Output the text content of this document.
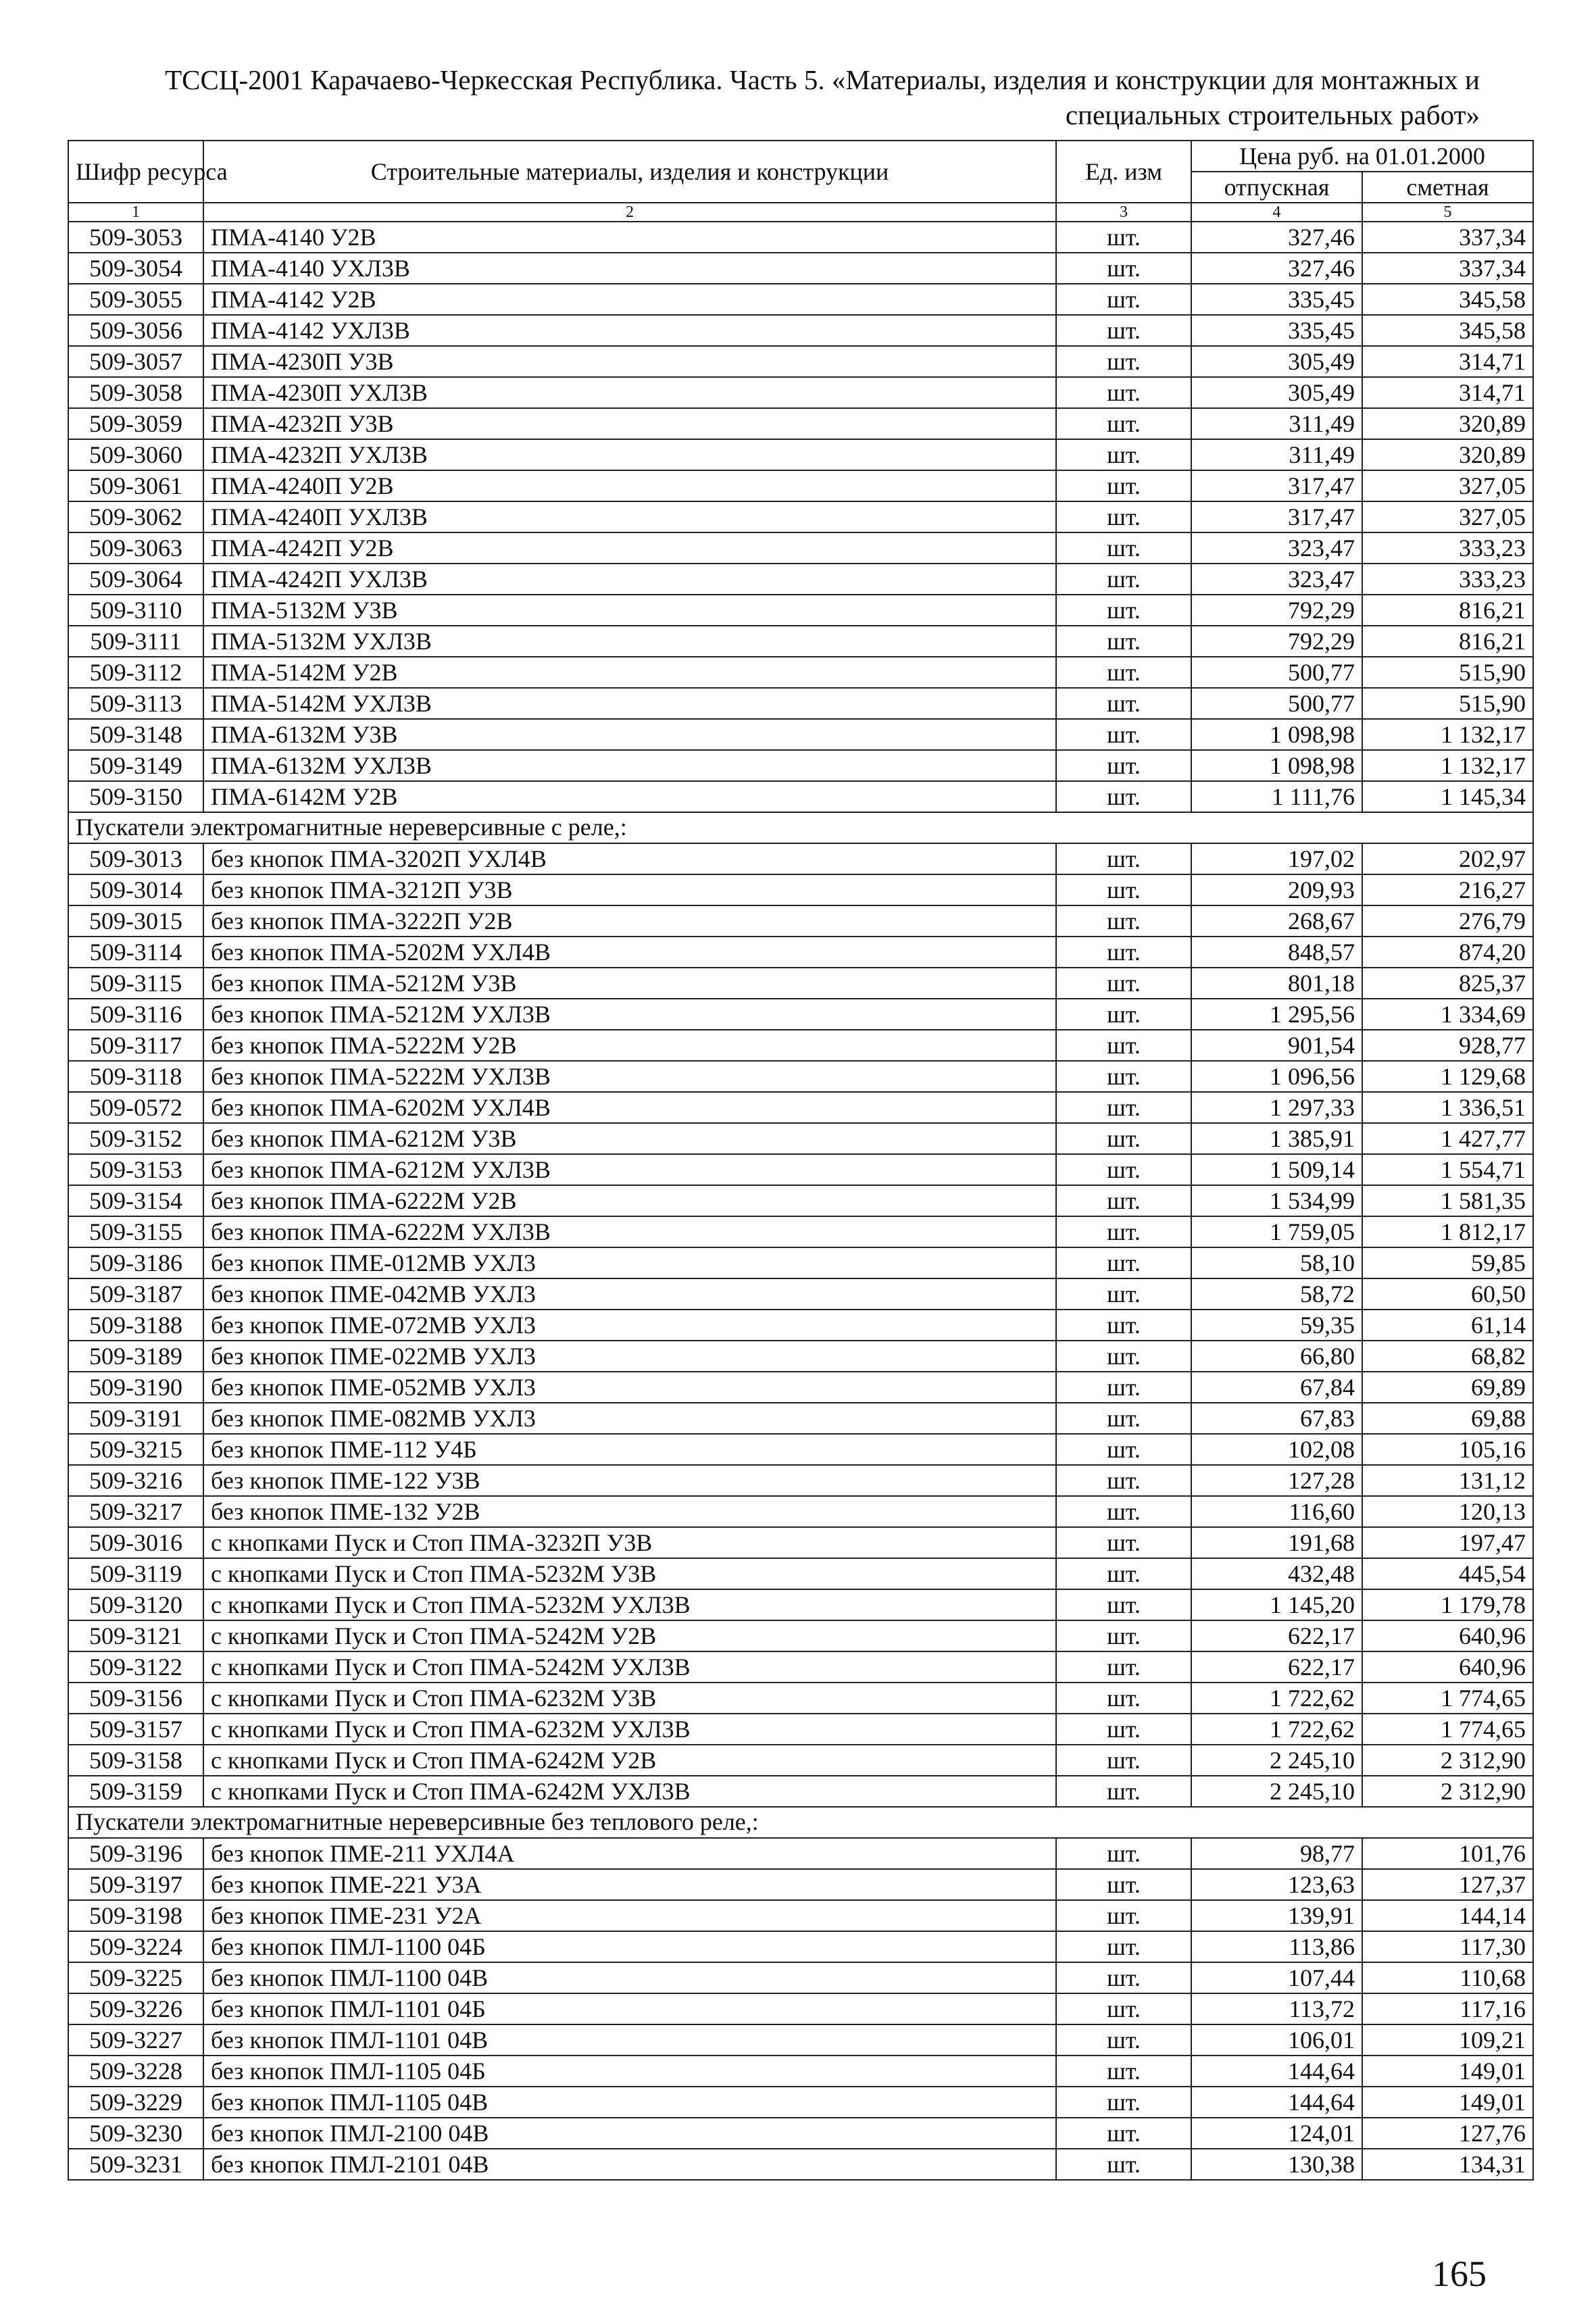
ТССЦ-2001 Карачаево-Черкесская Республика. Часть 5. «Материалы, изделия и конструкции для монтажных и
специальных строительных работ»
Шифр ресурса	Строительные материалы, изделия и конструкции	Ед. изм	Цена руб. на 01.01.2000	
			отпускная	сметная
1	2	3	4	5
509-3053	ПМА-4140 У2В	шт.	327,46	337,34
509-3054	ПМА-4140 УХЛ3В	шт.	327,46	337,34
509-3055	ПМА-4142 У2В	шт.	335,45	345,58
509-3056	ПМА-4142 УХЛ3В	шт.	335,45	345,58
509-3057	ПМА-4230П У3В	шт.	305,49	314,71
509-3058	ПМА-4230П УХЛ3В	шт.	305,49	314,71
509-3059	ПМА-4232П У3В	шт.	311,49	320,89
509-3060	ПМА-4232П УХЛ3В	шт.	311,49	320,89
509-3061	ПМА-4240П У2В	шт.	317,47	327,05
509-3062	ПМА-4240П УХЛ3В	шт.	317,47	327,05
509-3063	ПМА-4242П У2В	шт.	323,47	333,23
509-3064	ПМА-4242П УХЛ3В	шт.	323,47	333,23
509-3110	ПМА-5132М У3В	шт.	792,29	816,21
509-3111	ПМА-5132М УХЛ3В	шт.	792,29	816,21
509-3112	ПМА-5142М У2В	шт.	500,77	515,90
509-3113	ПМА-5142М УХЛ3В	шт.	500,77	515,90
509-3148	ПМА-6132М У3В	шт.	1 098,98	1 132,17
509-3149	ПМА-6132М УХЛ3В	шт.	1 098,98	1 132,17
509-3150	ПМА-6142М У2В	шт.	1 111,76	1 145,34
Пускатели электромагнитные нереверсивные с реле,:				
509-3013	без кнопок ПМА-3202П УХЛ4В	шт.	197,02	202,97
509-3014	без кнопок ПМА-3212П У3В	шт.	209,93	216,27
509-3015	без кнопок ПМА-3222П У2В	шт.	268,67	276,79
509-3114	без кнопок ПМА-5202М УХЛ4В	шт.	848,57	874,20
509-3115	без кнопок ПМА-5212М У3В	шт.	801,18	825,37
509-3116	без кнопок ПМА-5212М УХЛ3В	шт.	1 295,56	1 334,69
509-3117	без кнопок ПМА-5222М У2В	шт.	901,54	928,77
509-3118	без кнопок ПМА-5222М УХЛ3В	шт.	1 096,56	1 129,68
509-0572	без кнопок ПМА-6202М УХЛ4В	шт.	1 297,33	1 336,51
509-3152	без кнопок ПМА-6212М У3В	шт.	1 385,91	1 427,77
509-3153	без кнопок ПМА-6212М УХЛ3В	шт.	1 509,14	1 554,71
509-3154	без кнопок ПМА-6222М У2В	шт.	1 534,99	1 581,35
509-3155	без кнопок ПМА-6222М УХЛ3В	шт.	1 759,05	1 812,17
509-3186	без кнопок ПМЕ-012МВ УХЛ3	шт.	58,10	59,85
509-3187	без кнопок ПМЕ-042МВ УХЛ3	шт.	58,72	60,50
509-3188	без кнопок ПМЕ-072МВ УХЛ3	шт.	59,35	61,14
509-3189	без кнопок ПМЕ-022МВ УХЛ3	шт.	66,80	68,82
509-3190	без кнопок ПМЕ-052МВ УХЛ3	шт.	67,84	69,89
509-3191	без кнопок ПМЕ-082МВ УХЛ3	шт.	67,83	69,88
509-3215	без кнопок ПМЕ-112 У4Б	шт.	102,08	105,16
509-3216	без кнопок ПМЕ-122 У3В	шт.	127,28	131,12
509-3217	без кнопок ПМЕ-132 У2В	шт.	116,60	120,13
509-3016	с кнопками Пуск и Стоп ПМА-3232П У3В	шт.	191,68	197,47
509-3119	с кнопками Пуск и Стоп ПМА-5232М У3В	шт.	432,48	445,54
509-3120	с кнопками Пуск и Стоп ПМА-5232М УХЛ3В	шт.	1 145,20	1 179,78
509-3121	с кнопками Пуск и Стоп ПМА-5242М У2В	шт.	622,17	640,96
509-3122	с кнопками Пуск и Стоп ПМА-5242М УХЛ3В	шт.	622,17	640,96
509-3156	с кнопками Пуск и Стоп ПМА-6232М У3В	шт.	1 722,62	1 774,65
509-3157	с кнопками Пуск и Стоп ПМА-6232М УХЛ3В	шт.	1 722,62	1 774,65
509-3158	с кнопками Пуск и Стоп ПМА-6242М У2В	шт.	2 245,10	2 312,90
509-3159	с кнопками Пуск и Стоп ПМА-6242М УХЛ3В	шт.	2 245,10	2 312,90
Пускатели электромагнитные нереверсивные без теплового реле,:				
509-3196	без кнопок ПМЕ-211 УХЛ4А	шт.	98,77	101,76
509-3197	без кнопок ПМЕ-221 У3А	шт.	123,63	127,37
509-3198	без кнопок ПМЕ-231 У2А	шт.	139,91	144,14
509-3224	без кнопок ПМЛ-1100 04Б	шт.	113,86	117,30
509-3225	без кнопок ПМЛ-1100 04В	шт.	107,44	110,68
509-3226	без кнопок ПМЛ-1101 04Б	шт.	113,72	117,16
509-3227	без кнопок ПМЛ-1101 04В	шт.	106,01	109,21
509-3228	без кнопок ПМЛ-1105 04Б	шт.	144,64	149,01
509-3229	без кнопок ПМЛ-1105 04В	шт.	144,64	149,01
509-3230	без кнопок ПМЛ-2100 04В	шт.	124,01	127,76
509-3231	без кнопок ПМЛ-2101 04В	шт.	130,38	134,31
165
